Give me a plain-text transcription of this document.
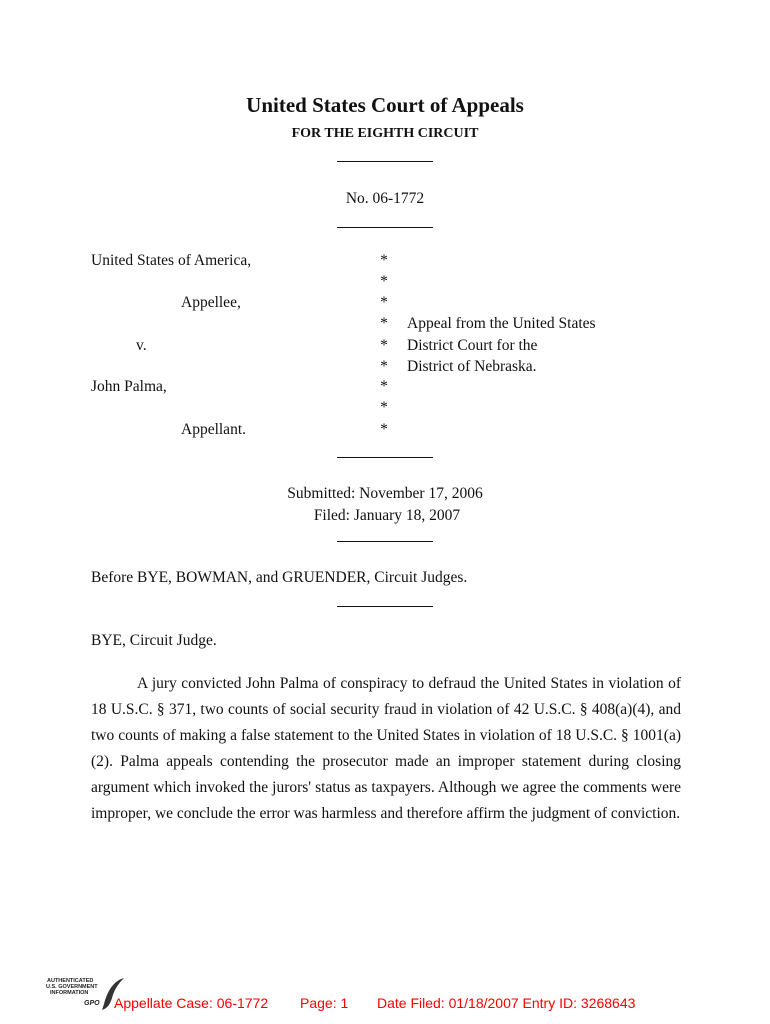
United States Court of Appeals
FOR THE EIGHTH CIRCUIT
No. 06-1772
United States of America,
Appellee,
v.
John Palma,
Appellant.
*
*
*
*
*
*
*
*
*
Appeal from the United States
District Court for the
District of Nebraska.
Submitted: November 17, 2006
Filed: January 18, 2007
Before BYE, BOWMAN, and GRUENDER, Circuit Judges.
BYE, Circuit Judge.
A jury convicted John Palma of conspiracy to defraud the United States in violation of 18 U.S.C. § 371, two counts of social security fraud in violation of 42 U.S.C. § 408(a)(4), and two counts of making a false statement to the United States in violation of 18 U.S.C. § 1001(a)(2). Palma appeals contending the prosecutor made an improper statement during closing argument which invoked the jurors' status as taxpayers. Although we agree the comments were improper, we conclude the error was harmless and therefore affirm the judgment of conviction.
AUTHENTICATED
U.S. GOVERNMENT
INFORMATION
GPO Appellate Case: 06-1772 Page: 1 Date Filed: 01/18/2007 Entry ID: 3268643
